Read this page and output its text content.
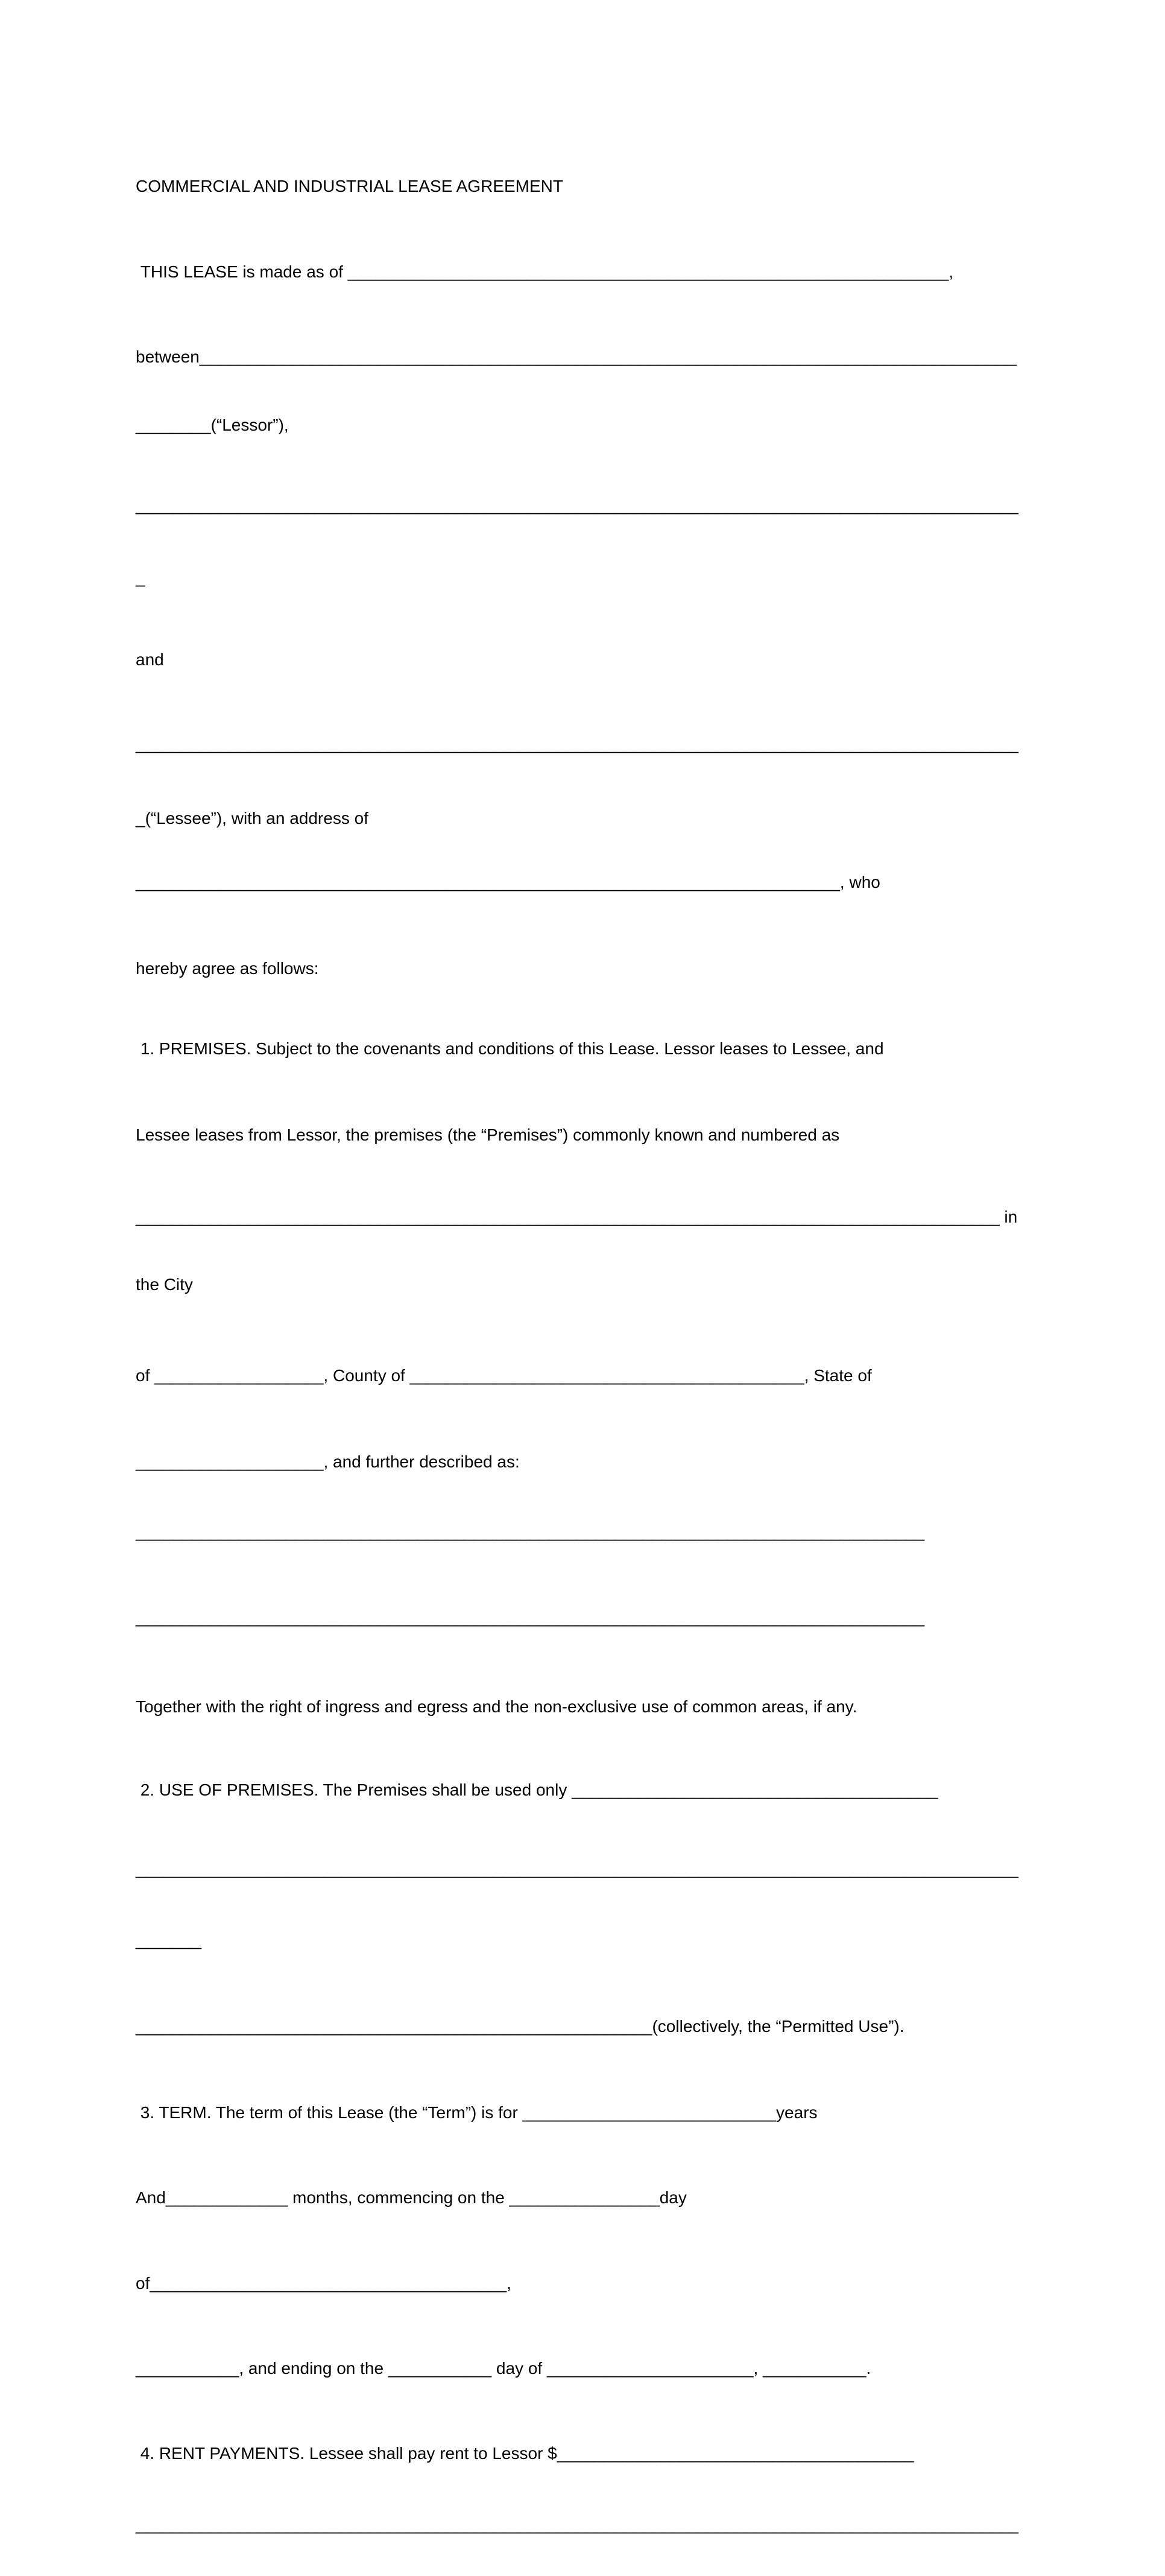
COMMERCIAL AND INDUSTRIAL LEASE AGREEMENT

THIS LEASE is made as of ________________________________________________________________,

between_______________________________________________________________________________________

________(“Lessor”),

______________________________________________________________________________________________

_

and

______________________________________________________________________________________________

_(“Lessee”), with an address of

___________________________________________________________________________, who

hereby agree as follows:

1. PREMISES. Subject to the covenants and conditions of this Lease. Lessor leases to Lessee, and

Lessee leases from Lessor, the premises (the “Premises”) commonly known and numbered as

____________________________________________________________________________________________ in

the City

of __________________, County of __________________________________________, State of

____________________, and further described as:

____________________________________________________________________________________

____________________________________________________________________________________

Together with the right of ingress and egress and the non-exclusive use of common areas, if any.

2. USE OF PREMISES. The Premises shall be used only _______________________________________

______________________________________________________________________________________________

_______

_______________________________________________________(collectively, the “Permitted Use”).

3. TERM. The term of this Lease (the “Term”) is for ___________________________years

And_____________ months, commencing on the ________________day

of______________________________________,

___________, and ending on the ___________ day of ______________________, ___________.

4. RENT PAYMENTS. Lessee shall pay rent to Lessor $______________________________________

______________________________________________________________________________________________
